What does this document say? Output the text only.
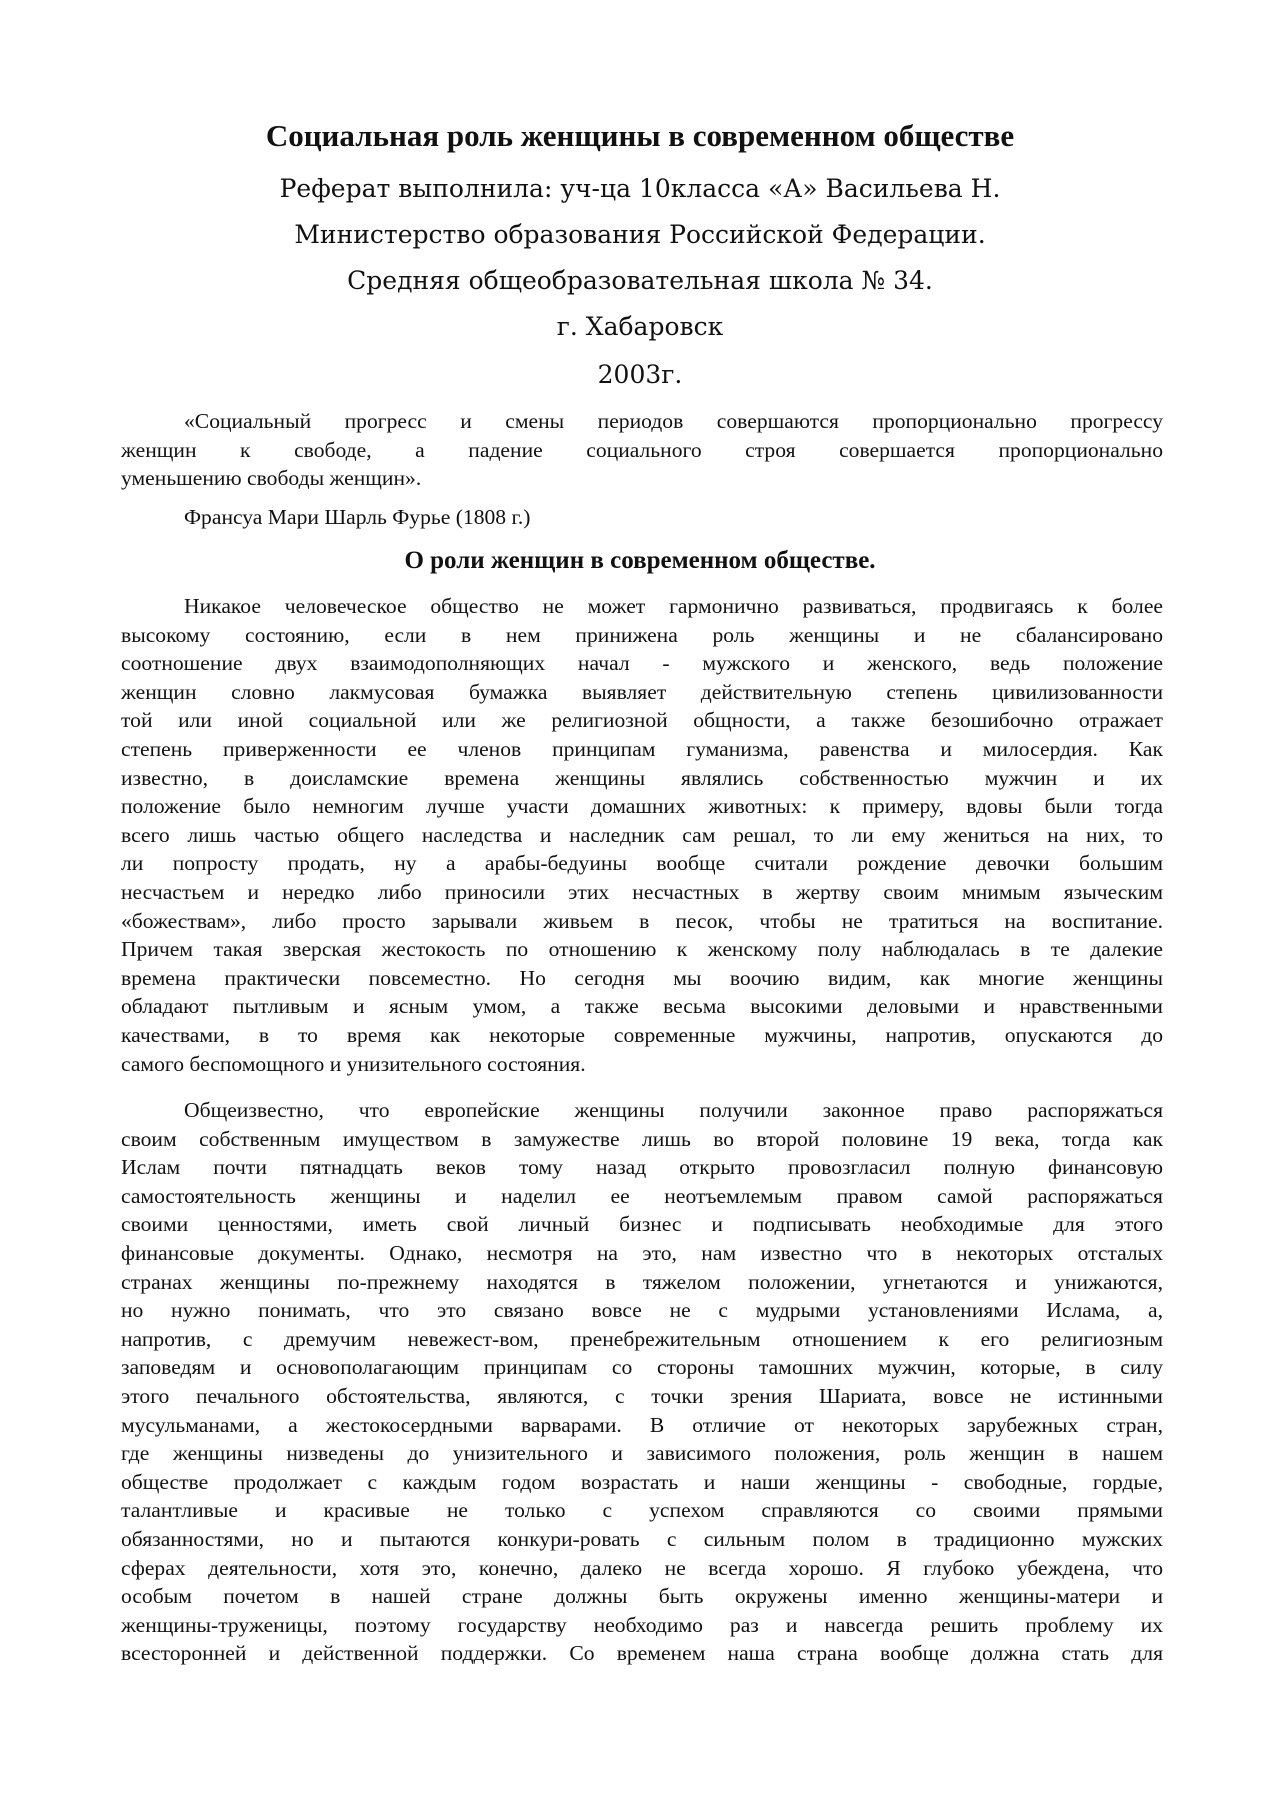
Социальная роль женщины в современном обществе
Реферат выполнила: уч-ца 10класса «А» Васильева Н.
Министерство образования Российской Федерации.
Средняя общеобразовательная школа № 34.
г. Хабаровск
2003г.
«Социальный прогресс и смены периодов совершаются пропорционально прогрессу
женщин к свободе, а падение социального строя совершается пропорционально
уменьшению свободы женщин».
Франсуа Мари Шарль Фурье (1808 г.)
О роли женщин в современном обществе.
Никакое человеческое общество не может гармонично развиваться, продвигаясь к более
высокому состоянию, если в нем принижена роль женщины и не сбалансировано
соотношение двух взаимодополняющих начал - мужского и женского, ведь положение
женщин словно лакмусовая бумажка выявляет действительную степень цивилизованности
той или иной социальной или же религиозной общности, а также безошибочно отражает
степень приверженности ее членов принципам гуманизма, равенства и милосердия. Как
известно, в доисламские времена женщины являлись собственностью мужчин и их
положение было немногим лучше участи домашних животных: к примеру, вдовы были тогда
всего лишь частью общего наследства и наследник сам решал, то ли ему жениться на них, то
ли попросту продать, ну а арабы-бедуины вообще считали рождение девочки большим
несчастьем и нередко либо приносили этих несчастных в жертву своим мнимым языческим
«божествам», либо просто зарывали живьем в песок, чтобы не тратиться на воспитание.
Причем такая зверская жестокость по отношению к женскому полу наблюдалась в те далекие
времена практически повсеместно. Но сегодня мы воочию видим, как многие женщины
обладают пытливым и ясным умом, а также весьма высокими деловыми и нравственными
качествами, в то время как некоторые современные мужчины, напротив, опускаются до
самого беспомощного и унизительного состояния.
Общеизвестно, что европейские женщины получили законное право распоряжаться
своим собственным имуществом в замужестве лишь во второй половине 19 века, тогда как
Ислам почти пятнадцать веков тому назад открыто провозгласил полную финансовую
самостоятельность женщины и наделил ее неотъемлемым правом самой распоряжаться
своими ценностями, иметь свой личный бизнес и подписывать необходимые для этого
финансовые документы. Однако, несмотря на это, нам известно что в некоторых отсталых
странах женщины по-прежнему находятся в тяжелом положении, угнетаются и унижаются,
но нужно понимать, что это связано вовсе не с мудрыми установлениями Ислама, а,
напротив, с дремучим невежест-вом, пренебрежительным отношением к его религиозным
заповедям и основополагающим принципам со стороны тамошних мужчин, которые, в силу
этого печального обстоятельства, являются, с точки зрения Шариата, вовсе не истинными
мусульманами, а жестокосердными варварами. В отличие от некоторых зарубежных стран,
где женщины низведены до унизительного и зависимого положения, роль женщин в нашем
обществе продолжает с каждым годом возрастать и наши женщины - свободные, гордые,
талантливые и красивые не только с успехом справляются со своими прямыми
обязанностями, но и пытаются конкури-ровать с сильным полом в традиционно мужских
сферах деятельности, хотя это, конечно, далеко не всегда хорошо. Я глубоко убеждена, что
особым почетом в нашей стране должны быть окружены именно женщины-матери и
женщины-труженицы, поэтому государству необходимо раз и навсегда решить проблему их
всесторонней и действенной поддержки. Со временем наша страна вообще должна стать для
